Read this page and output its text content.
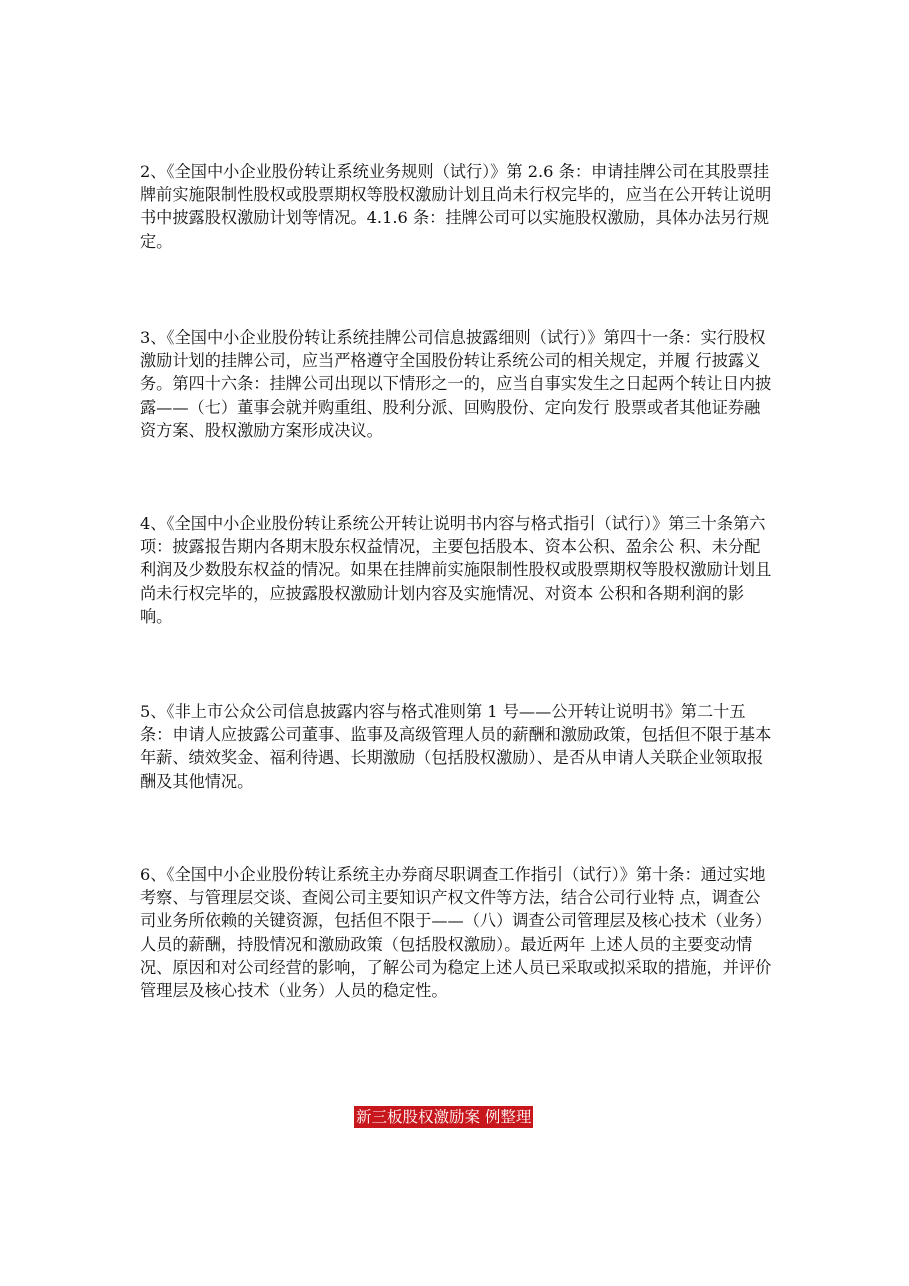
2、《全国中小企业股份转让系统业务规则（试行）》第 2.6 条：申请挂牌公司在其股票挂牌前实施限制性股权或股票期权等股权激励计划且尚未行权完毕的，应当在公开转让说明书中披露股权激励计划等情况。4.1.6 条：挂牌公司可以实施股权激励，具体办法另行规定。

3、《全国中小企业股份转让系统挂牌公司信息披露细则（试行）》第四十一条：实行股权激励计划的挂牌公司，应当严格遵守全国股份转让系统公司的相关规定，并履 行披露义务。第四十六条：挂牌公司出现以下情形之一的，应当自事实发生之日起两个转让日内披露——（七）董事会就并购重组、股利分派、回购股份、定向发行 股票或者其他证券融资方案、股权激励方案形成决议。

4、《全国中小企业股份转让系统公开转让说明书内容与格式指引（试行）》第三十条第六项：披露报告期内各期末股东权益情况，主要包括股本、资本公积、盈余公 积、未分配利润及少数股东权益的情况。如果在挂牌前实施限制性股权或股票期权等股权激励计划且尚未行权完毕的，应披露股权激励计划内容及实施情况、对资本 公积和各期利润的影响。

5、《非上市公众公司信息披露内容与格式准则第 1 号——公开转让说明书》第二十五条：申请人应披露公司董事、监事及高级管理人员的薪酬和激励政策，包括但不限于基本年薪、绩效奖金、福利待遇、长期激励（包括股权激励）、是否从申请人关联企业领取报酬及其他情况。

6、《全国中小企业股份转让系统主办券商尽职调查工作指引（试行）》第十条：通过实地考察、与管理层交谈、查阅公司主要知识产权文件等方法，结合公司行业特 点，调查公司业务所依赖的关键资源，包括但不限于——（八）调查公司管理层及核心技术（业务）人员的薪酬，持股情况和激励政策（包括股权激励）。最近两年 上述人员的主要变动情况、原因和对公司经营的影响，了解公司为稳定上述人员已采取或拟采取的措施，并评价管理层及核心技术（业务）人员的稳定性。

新三板股权激励案 例整理
